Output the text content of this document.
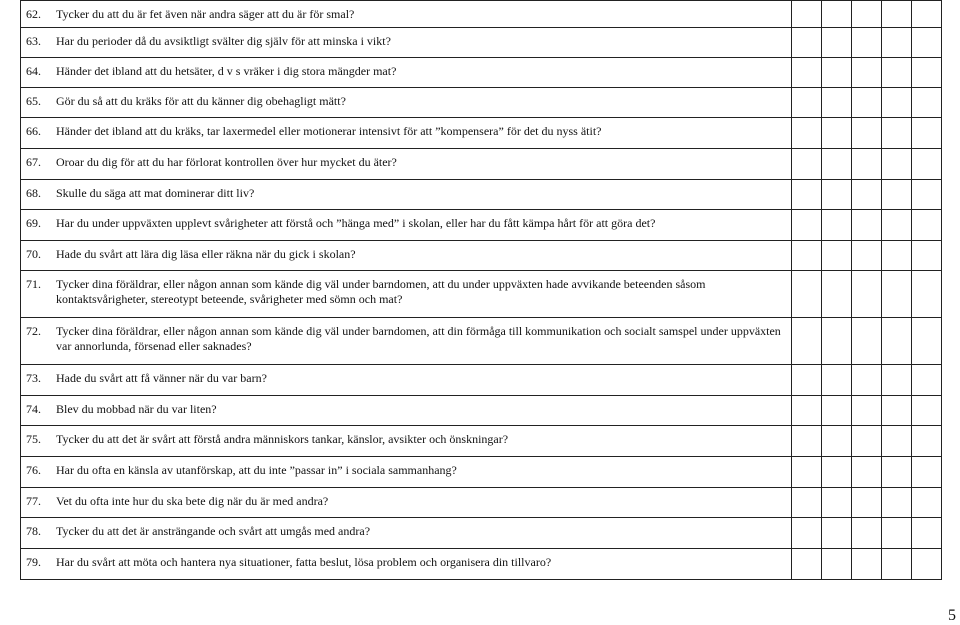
62. Tycker du att du är fet även när andra säger att du är för smal?					

63. Har du perioder då du avsiktligt svälter dig själv för att minska i vikt?					

64. Händer det ibland att du hetsäter, d v s vräker i dig stora mängder mat?					

65. Gör du så att du kräks för att du känner dig obehagligt mätt?					

66. Händer det ibland att du kräks, tar laxermedel eller motionerar intensivt för att ”kompensera” för det du nyss ätit?					

67. Oroar du dig för att du har förlorat kontrollen över hur mycket du äter?					

68. Skulle du säga att mat dominerar ditt liv?					

69. Har du under uppväxten upplevt svårigheter att förstå och ”hänga med” i skolan, eller har du fått kämpa hårt för att göra det?					

70. Hade du svårt att lära dig läsa eller räkna när du gick i skolan?					

71. Tycker dina föräldrar, eller någon annan som kände dig väl under barndomen, att du under uppväxten hade avvikande beteenden såsom kontaktsvårigheter, stereotypt beteende, svårigheter med sömn och mat?					

72. Tycker dina föräldrar, eller någon annan som kände dig väl under barndomen, att din förmåga till kommunikation och socialt samspel under uppväxten var annorlunda, försenad eller saknades?					

73. Hade du svårt att få vänner när du var barn?					

74. Blev du mobbad när du var liten?					

75. Tycker du att det är svårt att förstå andra människors tankar, känslor, avsikter och önskningar?					

76. Har du ofta en känsla av utanförskap, att du inte ”passar in” i sociala sammanhang?					

77. Vet du ofta inte hur du ska bete dig när du är med andra?					

78. Tycker du att det är ansträngande och svårt att umgås med andra?					

79. Har du svårt att möta och hantera nya situationer, fatta beslut, lösa problem och organisera din tillvaro?					

5
